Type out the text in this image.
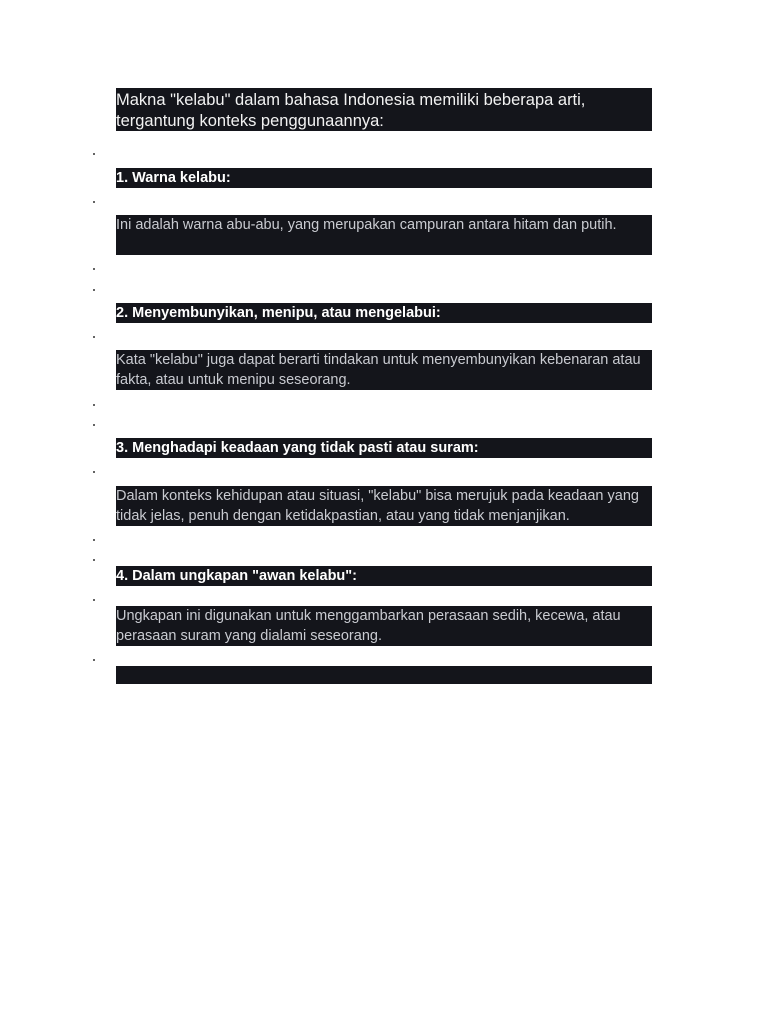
Makna "kelabu" dalam bahasa Indonesia memiliki beberapa arti, tergantung konteks penggunaannya:
1. Warna kelabu:
Ini adalah warna abu-abu, yang merupakan campuran antara hitam dan putih.
2. Menyembunyikan, menipu, atau mengelabui:
Kata "kelabu" juga dapat berarti tindakan untuk menyembunyikan kebenaran atau fakta, atau untuk menipu seseorang.
3. Menghadapi keadaan yang tidak pasti atau suram:
Dalam konteks kehidupan atau situasi, "kelabu" bisa merujuk pada keadaan yang tidak jelas, penuh dengan ketidakpastian, atau yang tidak menjanjikan.
4. Dalam ungkapan "awan kelabu":
Ungkapan ini digunakan untuk menggambarkan perasaan sedih, kecewa, atau perasaan suram yang dialami seseorang.
